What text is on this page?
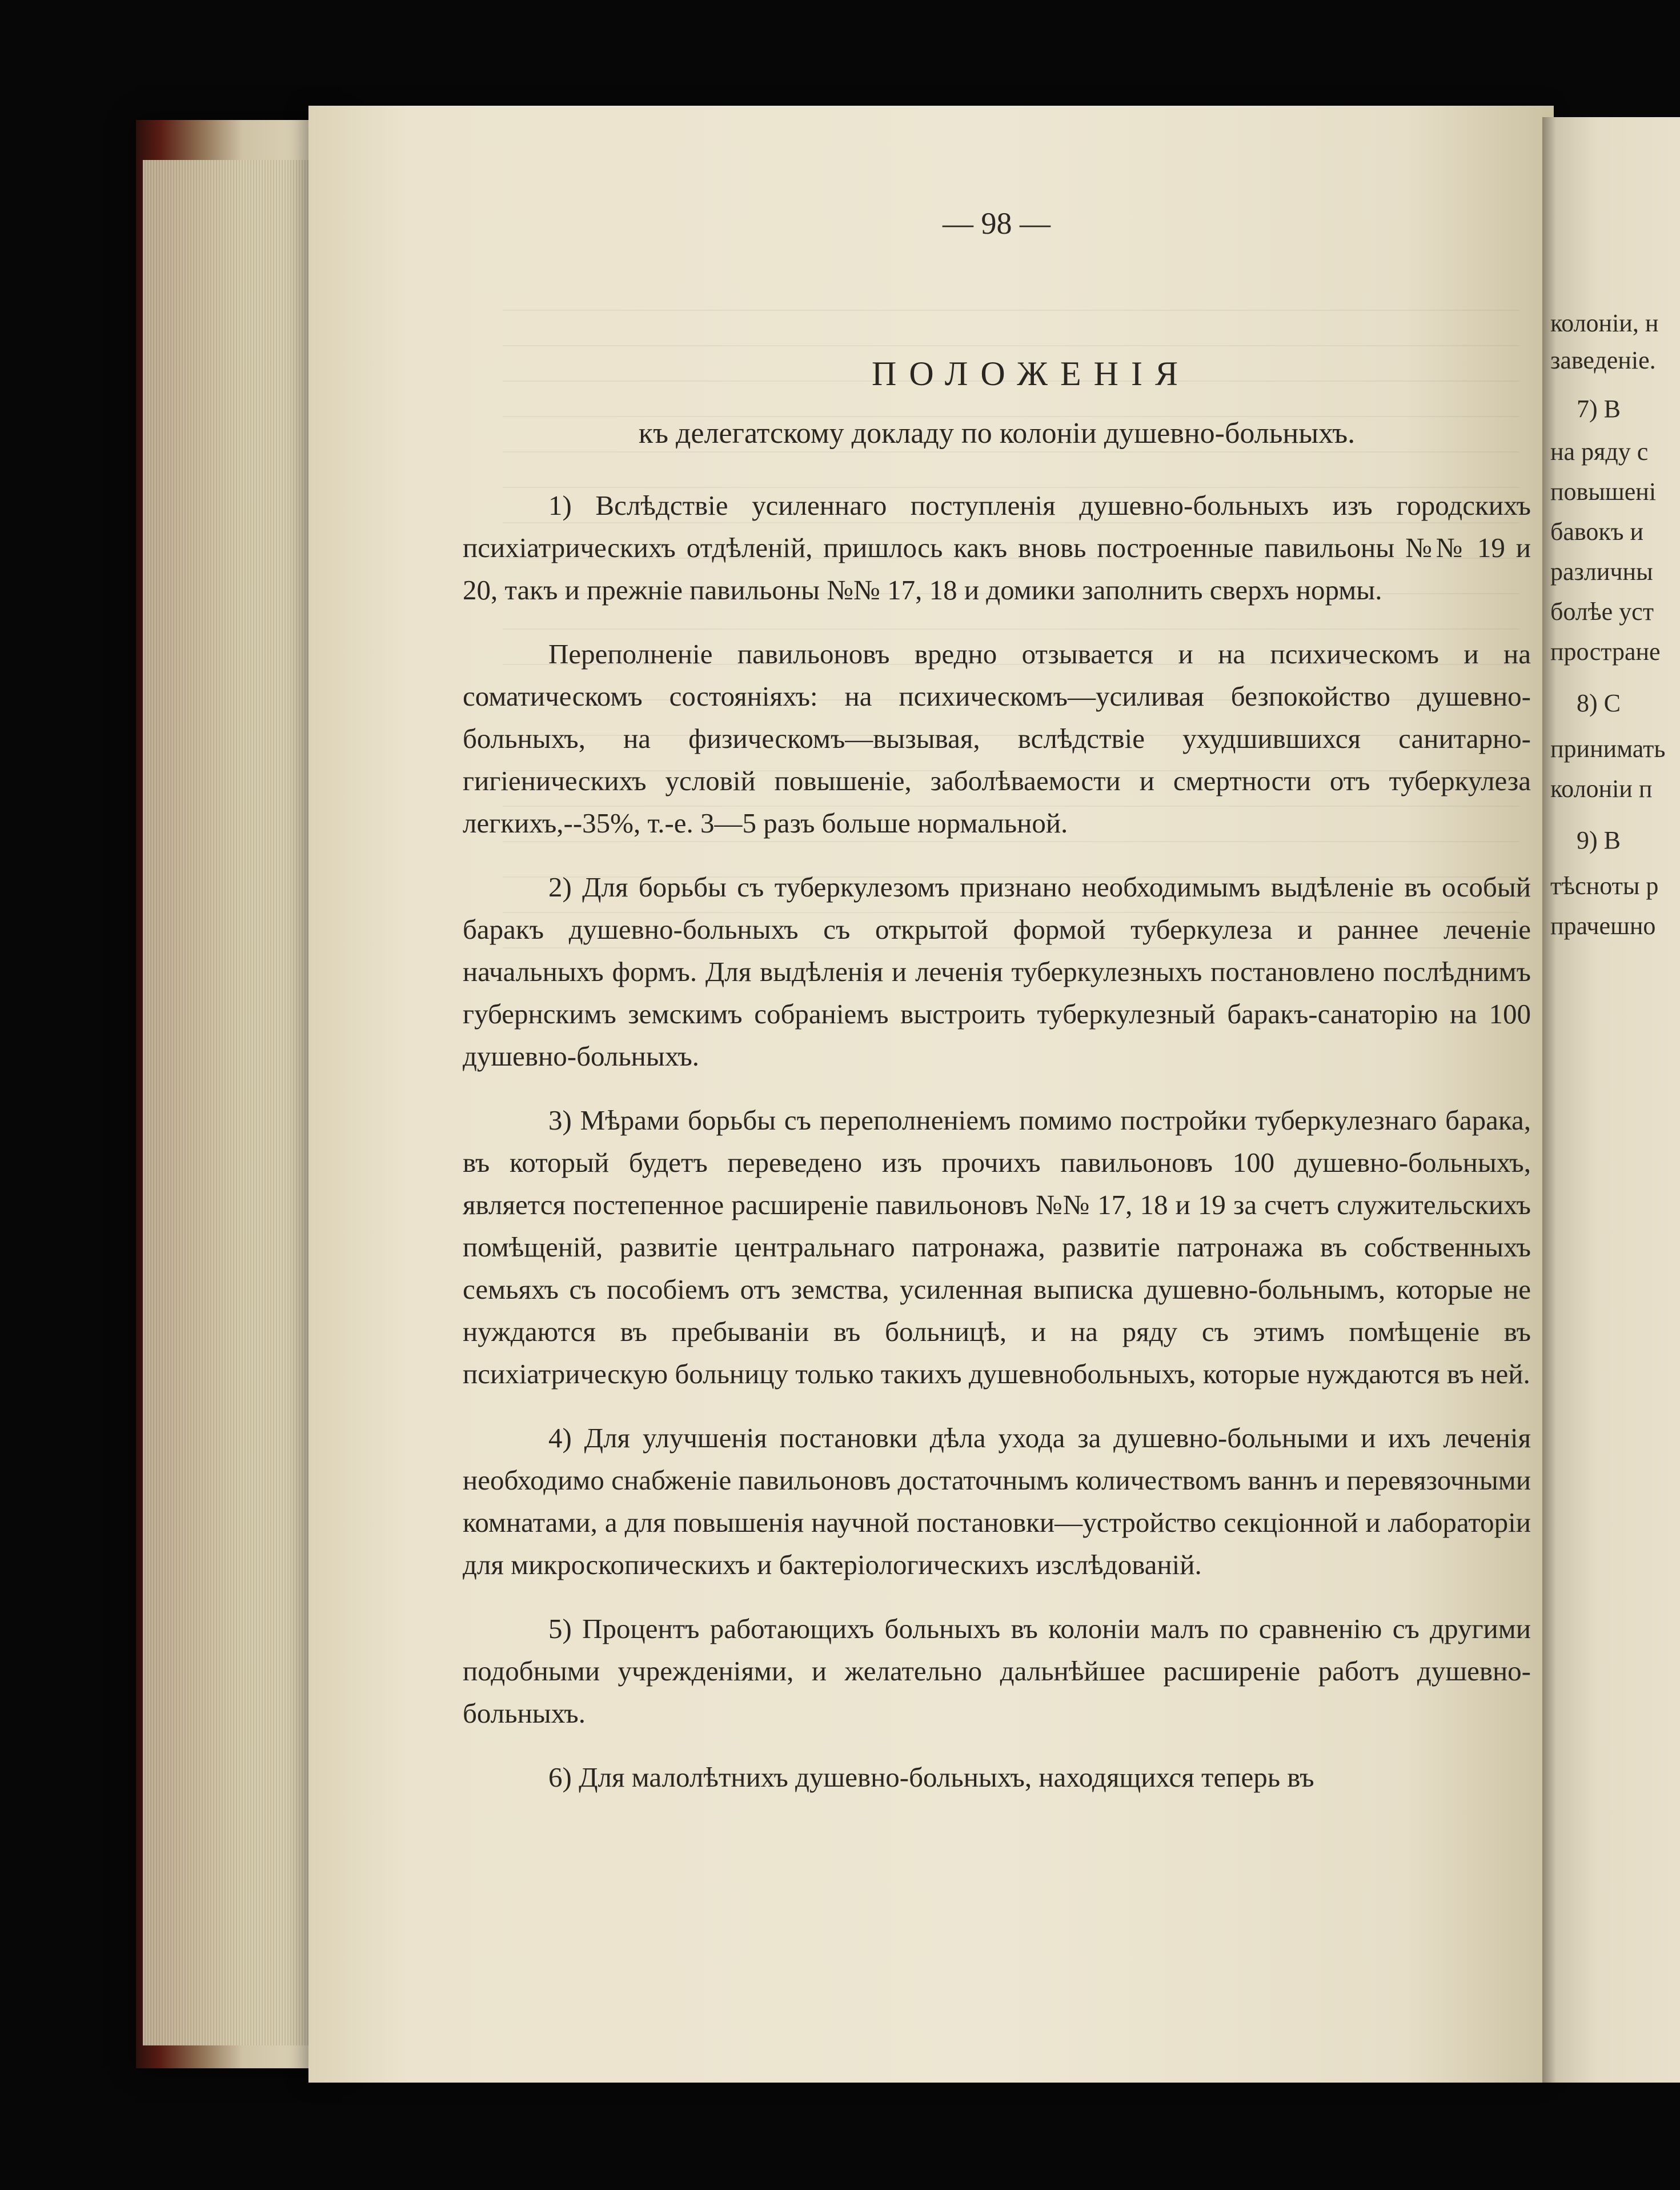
— 98 —
ПОЛОЖЕНІЯ
къ делегатскому докладу по колоніи душевно-больныхъ.

1) Вслѣдствіе усиленнаго поступленія душевно-больныхъ изъ городскихъ психіатрическихъ отдѣленій, пришлось какъ вновь построенные павильоны №№ 19 и 20, такъ и прежніе павильоны №№ 17, 18 и домики заполнить сверхъ нормы.

Переполненіе павильоновъ вредно отзывается и на психическомъ и на соматическомъ состояніяхъ: на психическомъ—усиливая безпокойство душевно-больныхъ, на физическомъ—вызывая, вслѣдствіе ухудшившихся санитарно-гигіеническихъ условій повышеніе, заболѣваемости и смертности отъ туберкулеза легкихъ,--35%, т.-е. 3—5 разъ больше нормальной.

2) Для борьбы съ туберкулезомъ признано необходимымъ выдѣленіе въ особый баракъ душевно-больныхъ съ открытой формой туберкулеза и раннее леченіе начальныхъ формъ. Для выдѣленія и леченія туберкулезныхъ постановлено послѣднимъ губернскимъ земскимъ собраніемъ выстроить туберкулезный баракъ-санаторію на 100 душевно-больныхъ.

3) Мѣрами борьбы съ переполненіемъ помимо постройки туберкулезнаго барака, въ который будетъ переведено изъ прочихъ павильоновъ 100 душевно-больныхъ, является постепенное расширеніе павильоновъ №№ 17, 18 и 19 за счетъ служительскихъ помѣщеній, развитіе центральнаго патронажа, развитіе патронажа въ собственныхъ семьяхъ съ пособіемъ отъ земства, усиленная выписка душевно-больнымъ, которые не нуждаются въ пребываніи въ больницѣ, и на ряду съ этимъ помѣщеніе въ психіатрическую больницу только такихъ душевнобольныхъ, которые нуждаются въ ней.

4) Для улучшенія постановки дѣла ухода за душевно-больными и ихъ леченія необходимо снабженіе павильоновъ достаточнымъ количествомъ ваннъ и перевязочными комнатами, а для повышенія научной постановки—устройство секціонной и лабораторіи для микроскопическихъ и бактеріологическихъ изслѣдованій.

5) Процентъ работающихъ больныхъ въ колоніи малъ по сравненію съ другими подобными учрежденіями, и желательно дальнѣйшее расширеніе работъ душевно-больныхъ.

6) Для малолѣтнихъ душевно-больныхъ, находящихся теперь въ

колоніи, н
заведеніе.
7) В
на ряду с
повышені
бавокъ и
различны
болѣе уст
простране
8) С
принимать
колоніи п
9) В
тѣсноты р
прачешно
